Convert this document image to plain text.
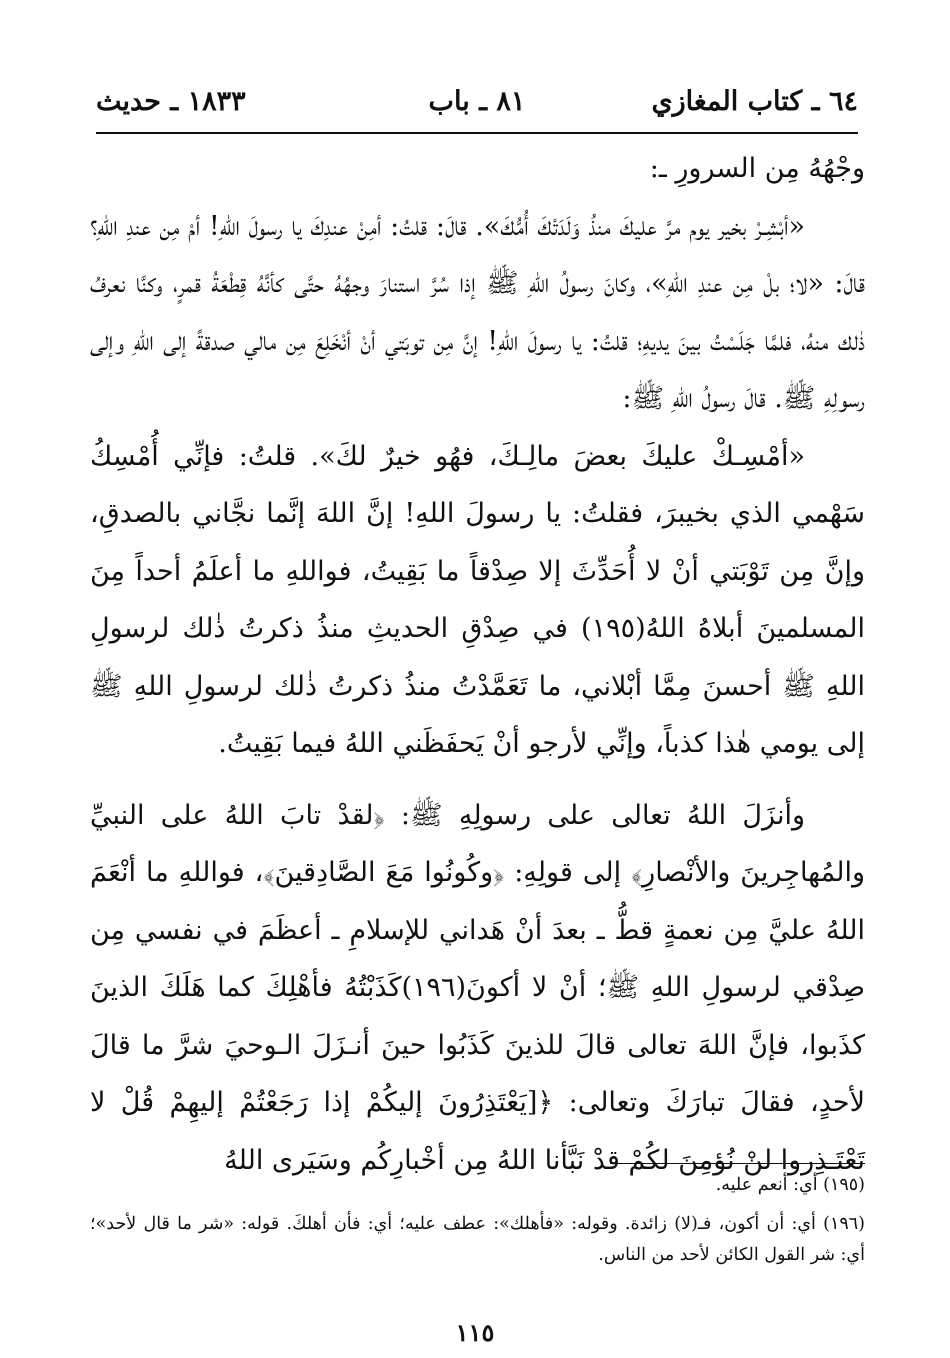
٦٤ ـ كتاب المغازي
٨١ ـ باب
١٨٣٣ ـ حديث

وجْهُهُ مِن السرورِ ـ:

«أبْشِـرْ بخير يوم مرَّ عليكَ منذُ وَلَدَتْكَ أُمُّكَ». قالَ: قلتُ: أمِنْ عندِكَ يا رسولَ اللهِ! أمْ مِن عندِ اللهِ؟ قالَ: «لا؛ بلْ مِن عندِ اللهِ»، وكانَ رسولُ اللهِ ﷺ إذا سُرَّ استنارَ وجهُهُ حتَّى كأنَّهُ قِطْعَةُ قمرٍ، وكنَّا نعرفُ ذٰلك منهُ، فلمَّا جَلَسْتُ بينَ يديهِ؛ قلتُ: يا رسولَ اللهِ! إنَّ مِن توبَتي أنْ أنْخَلِعَ مِن مالي صدقةً إلى اللهِ وإلى رسولِهِ ﷺ. قالَ رسولُ اللهِ ﷺ:

«أمْسِـكْ عليكَ بعضَ مالِـكَ، فهُو خيرٌ لكَ». قلتُ: فإنِّي أُمْسِكُ سَهْمي الذي بخيبرَ، فقلتُ: يا رسولَ اللهِ! إنَّ اللهَ إنَّما نجَّاني بالصدقِ، وإنَّ مِن تَوْبَتي أنْ لا أُحَدِّثَ إلا صِدْقاً ما بَقِيتُ، فواللهِ ما أعلَمُ أحداً مِنَ المسلمينَ أبلاهُ اللهُ(١٩٥) في صِدْقِ الحديثِ منذُ ذكرتُ ذٰلك لرسولِ اللهِ ﷺ أحسنَ مِمَّا أبْلاني، ما تَعَمَّدْتُ منذُ ذكرتُ ذٰلك لرسولِ اللهِ ﷺ إلى يومي هٰذا كذباً، وإنِّي لأرجو أنْ يَحفَظَني اللهُ فيما بَقِيتُ.

وأنزَلَ اللهُ تعالى على رسولِهِ ﷺ: ﴿لقدْ تابَ اللهُ على النبيِّ والمُهاجِرينَ والأنْصارِ﴾ إلى قولِهِ: ﴿وكُونُوا مَعَ الصَّادِقينَ﴾، فواللهِ ما أنْعَمَ اللهُ عليَّ مِن نعمةٍ قطُّ ـ بعدَ أنْ هَداني للإسلامِ ـ أعظَمَ في نفسي مِن صِدْقي لرسولِ اللهِ ﷺ؛ أنْ لا أكونَ(١٩٦)كَذَبْتُهُ فأهْلِكَ كما هَلَكَ الذينَ كذَبوا، فإنَّ اللهَ تعالى قالَ للذينَ كَذَبُوا حينَ أنـزَلَ الـوحيَ شرَّ ما قالَ لأحدٍ، فقالَ تبارَكَ وتعالى: ﴿[يَعْتَذِرُونَ إليكُمْ إذا رَجَعْتُمْ إليهِمْ قُلْ لا تَعْتَـذِروا لنْ نُؤمِنَ لكُمْ قدْ نَبَّأنا اللهُ مِن أخْبارِكُم وسَيَرى اللهُ

(١٩٥) أي: أنعم عليه.

(١٩٦) أي: أن أكون، فـ(لا) زائدة. وقوله: «فأهلك»: عطف عليه؛ أي: فأن أهلكَ. قوله: «شر ما قال لأحد»؛ أي: شر القول الكائن لأحد من الناس.

١١٥
